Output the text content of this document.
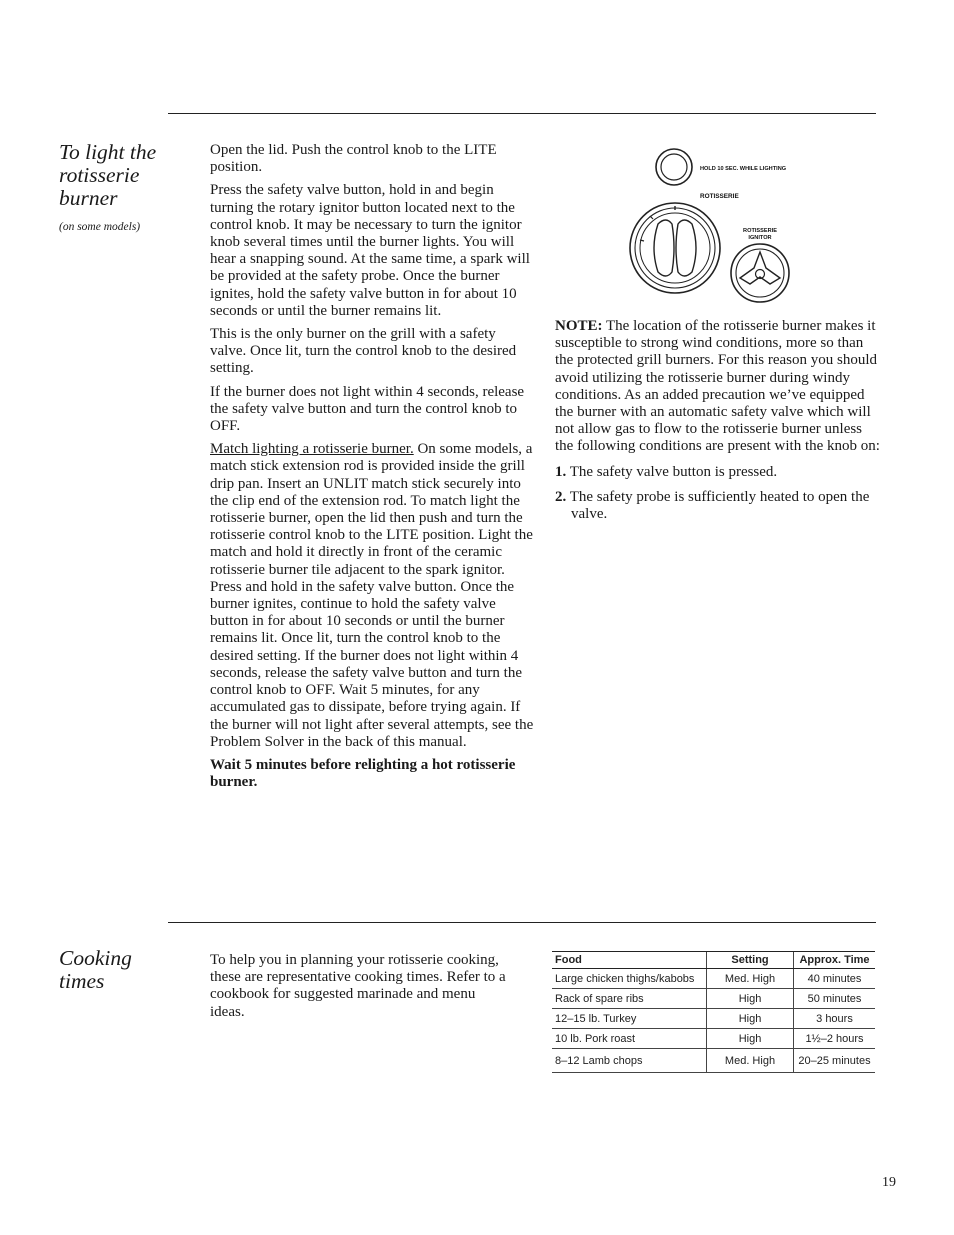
To light the rotisserie burner
(on some models)

Open the lid. Push the control knob to the LITE position.

Press the safety valve button, hold in and begin turning the rotary ignitor button located next to the control knob. It may be necessary to turn the ignitor knob several times until the burner lights. You will hear a snapping sound. At the same time, a spark will be provided at the safety probe. Once the burner ignites, hold the safety valve button in for about 10 seconds or until the burner remains lit.

This is the only burner on the grill with a safety valve. Once lit, turn the control knob to the desired setting.

If the burner does not light within 4 seconds, release the safety valve button and turn the control knob to OFF.

Match lighting a rotisserie burner. On some models, a match stick extension rod is provided inside the grill drip pan. Insert an UNLIT match stick securely into the clip end of the extension rod. To match light the rotisserie burner, open the lid then push and turn the rotisserie control knob to the LITE position. Light the match and hold it directly in front of the ceramic rotisserie burner tile adjacent to the spark ignitor. Press and hold in the safety valve button. Once the burner ignites, continue to hold the safety valve button in for about 10 seconds or until the burner remains lit. Once lit, turn the control knob to the desired setting. If the burner does not light within 4 seconds, release the safety valve button and turn the control knob to OFF. Wait 5 minutes, for any accumulated gas to dissipate, before trying again. If the burner will not light after several attempts, see the Problem Solver in the back of this manual.

Wait 5 minutes before relighting a hot rotisserie burner.

HOLD 10 SEC. WHILE LIGHTING
ROTISSERIE
ROTISSERIE
IGNITOR

NOTE: The location of the rotisserie burner makes it susceptible to strong wind conditions, more so than the protected grill burners. For this reason you should avoid utilizing the rotisserie burner during windy conditions. As an added precaution we’ve equipped the burner with an automatic safety valve which will not allow gas to flow to the rotisserie burner unless the following conditions are present with the knob on:

1. The safety valve button is pressed.
2. The safety probe is sufficiently heated to open the valve.
Cooking times

To help you in planning your rotisserie cooking, these are representative cooking times. Refer to a cookbook for suggested marinade and menu ideas.

Food	Setting	Approx. Time
Large chicken thighs/kabobs	Med. High	40 minutes
Rack of spare ribs	High	50 minutes
12–15 lb. Turkey	High	3 hours
10 lb. Pork roast	High	1½–2 hours
8–12 Lamb chops	Med. High	20–25 minutes
19
